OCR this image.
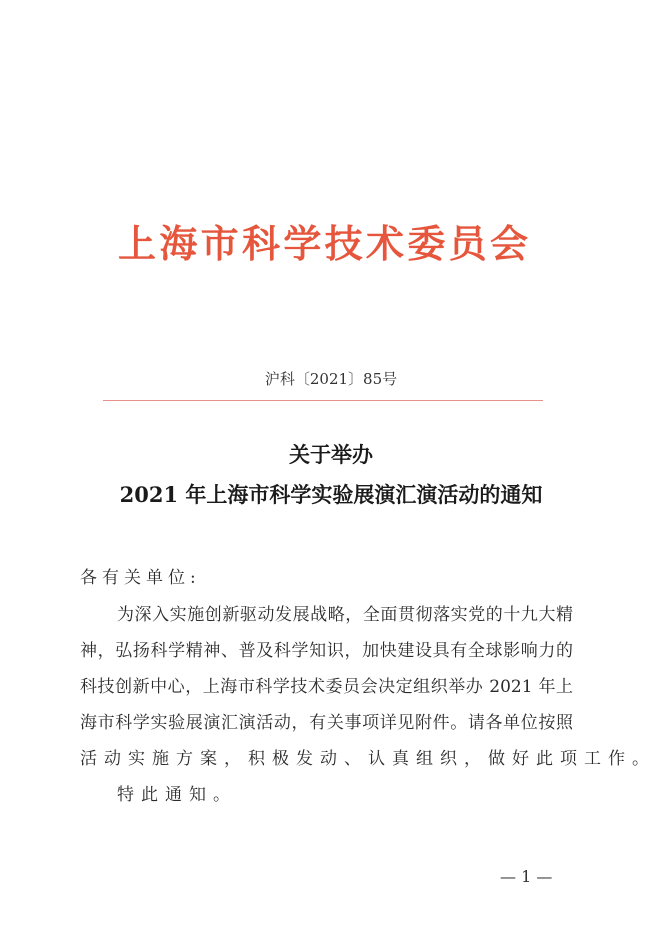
上海市科学技术委员会
沪科〔2021〕85号
关于举办
2021 年上海市科学实验展演汇演活动的通知
各有关单位:
为深入实施创新驱动发展战略，全面贯彻落实党的十九大精
神，弘扬科学精神、普及科学知识，加快建设具有全球影响力的
科技创新中心，上海市科学技术委员会决定组织举办 2021 年上
海市科学实验展演汇演活动，有关事项详见附件。请各单位按照
活动实施方案，积极发动、认真组织，做好此项工作。
特此通知。
— 1 —
